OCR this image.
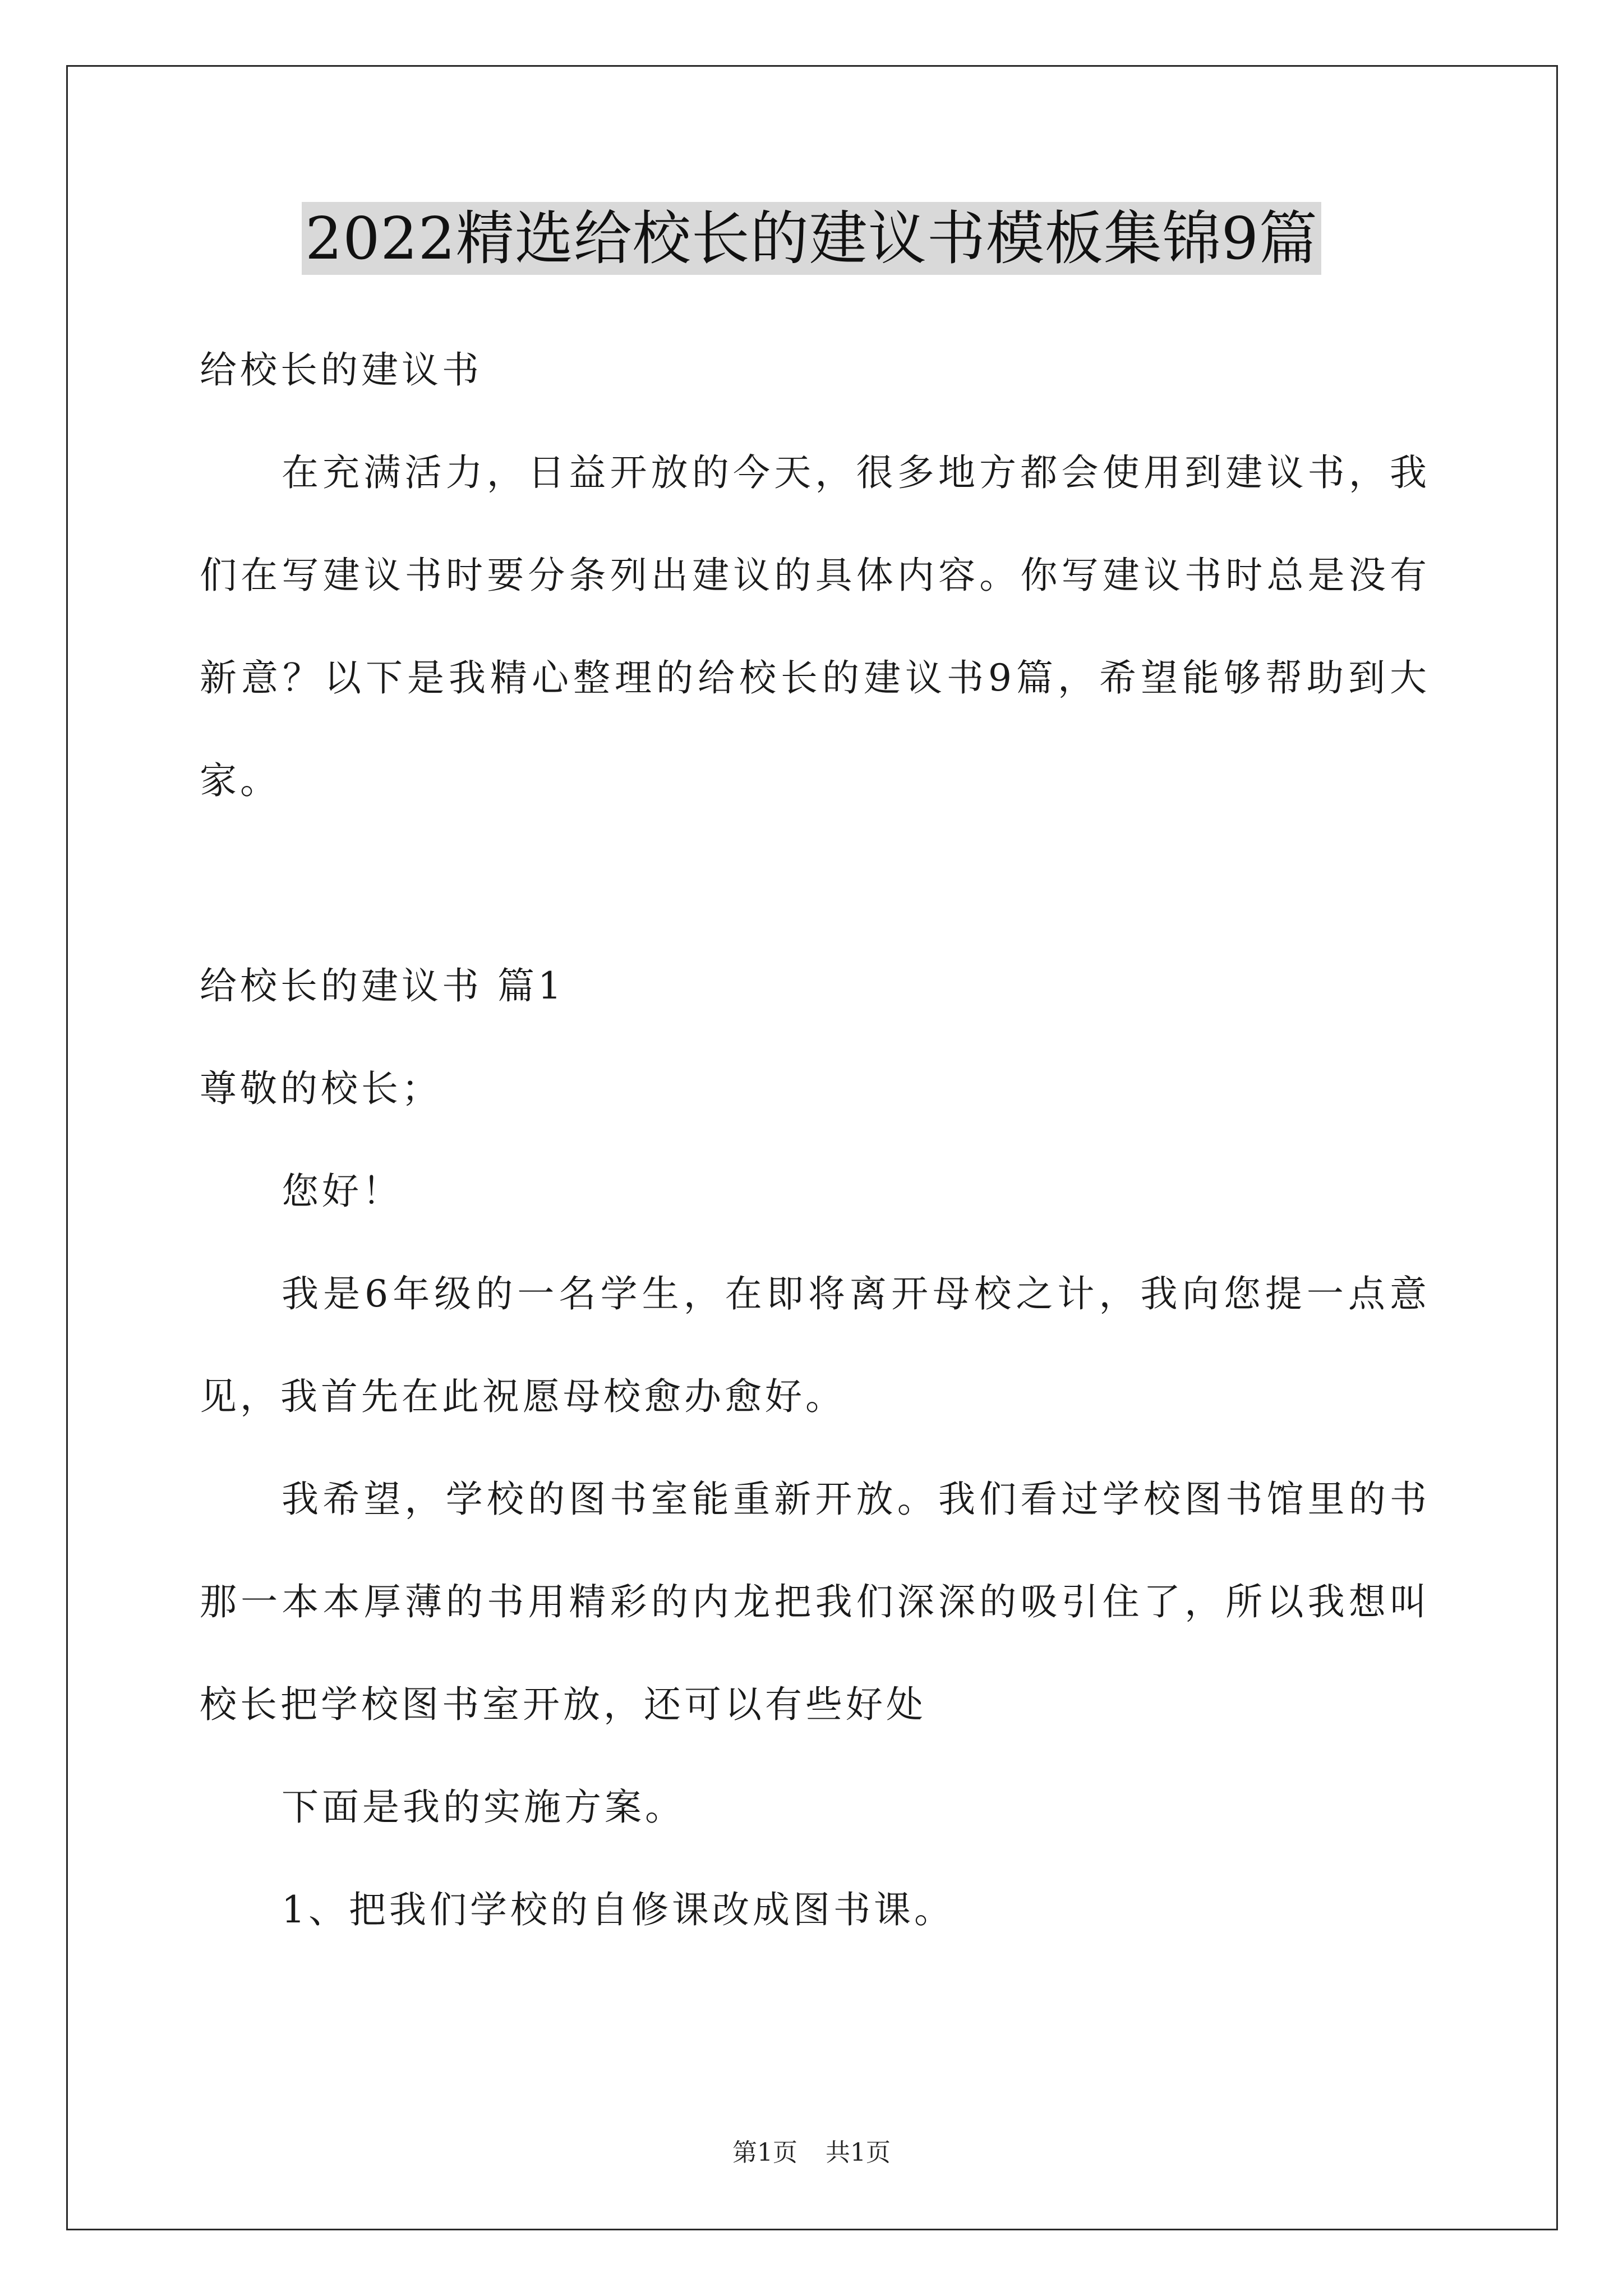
2022精选给校长的建议书模板集锦9篇

给校长的建议书

在充满活力，日益开放的今天，很多地方都会使用到建议书，我们在写建议书时要分条列出建议的具体内容。你写建议书时总是没有新意？以下是我精心整理的给校长的建议书9篇，希望能够帮助到大家。

给校长的建议书 篇1

尊敬的校长；

您好！

我是6年级的一名学生，在即将离开母校之计，我向您提一点意见，我首先在此祝愿母校愈办愈好。

我希望，学校的图书室能重新开放。我们看过学校图书馆里的书那一本本厚薄的书用精彩的内龙把我们深深的吸引住了，所以我想叫校长把学校图书室开放，还可以有些好处

下面是我的实施方案。

1、把我们学校的自修课改成图书课。

第1页 共1页
